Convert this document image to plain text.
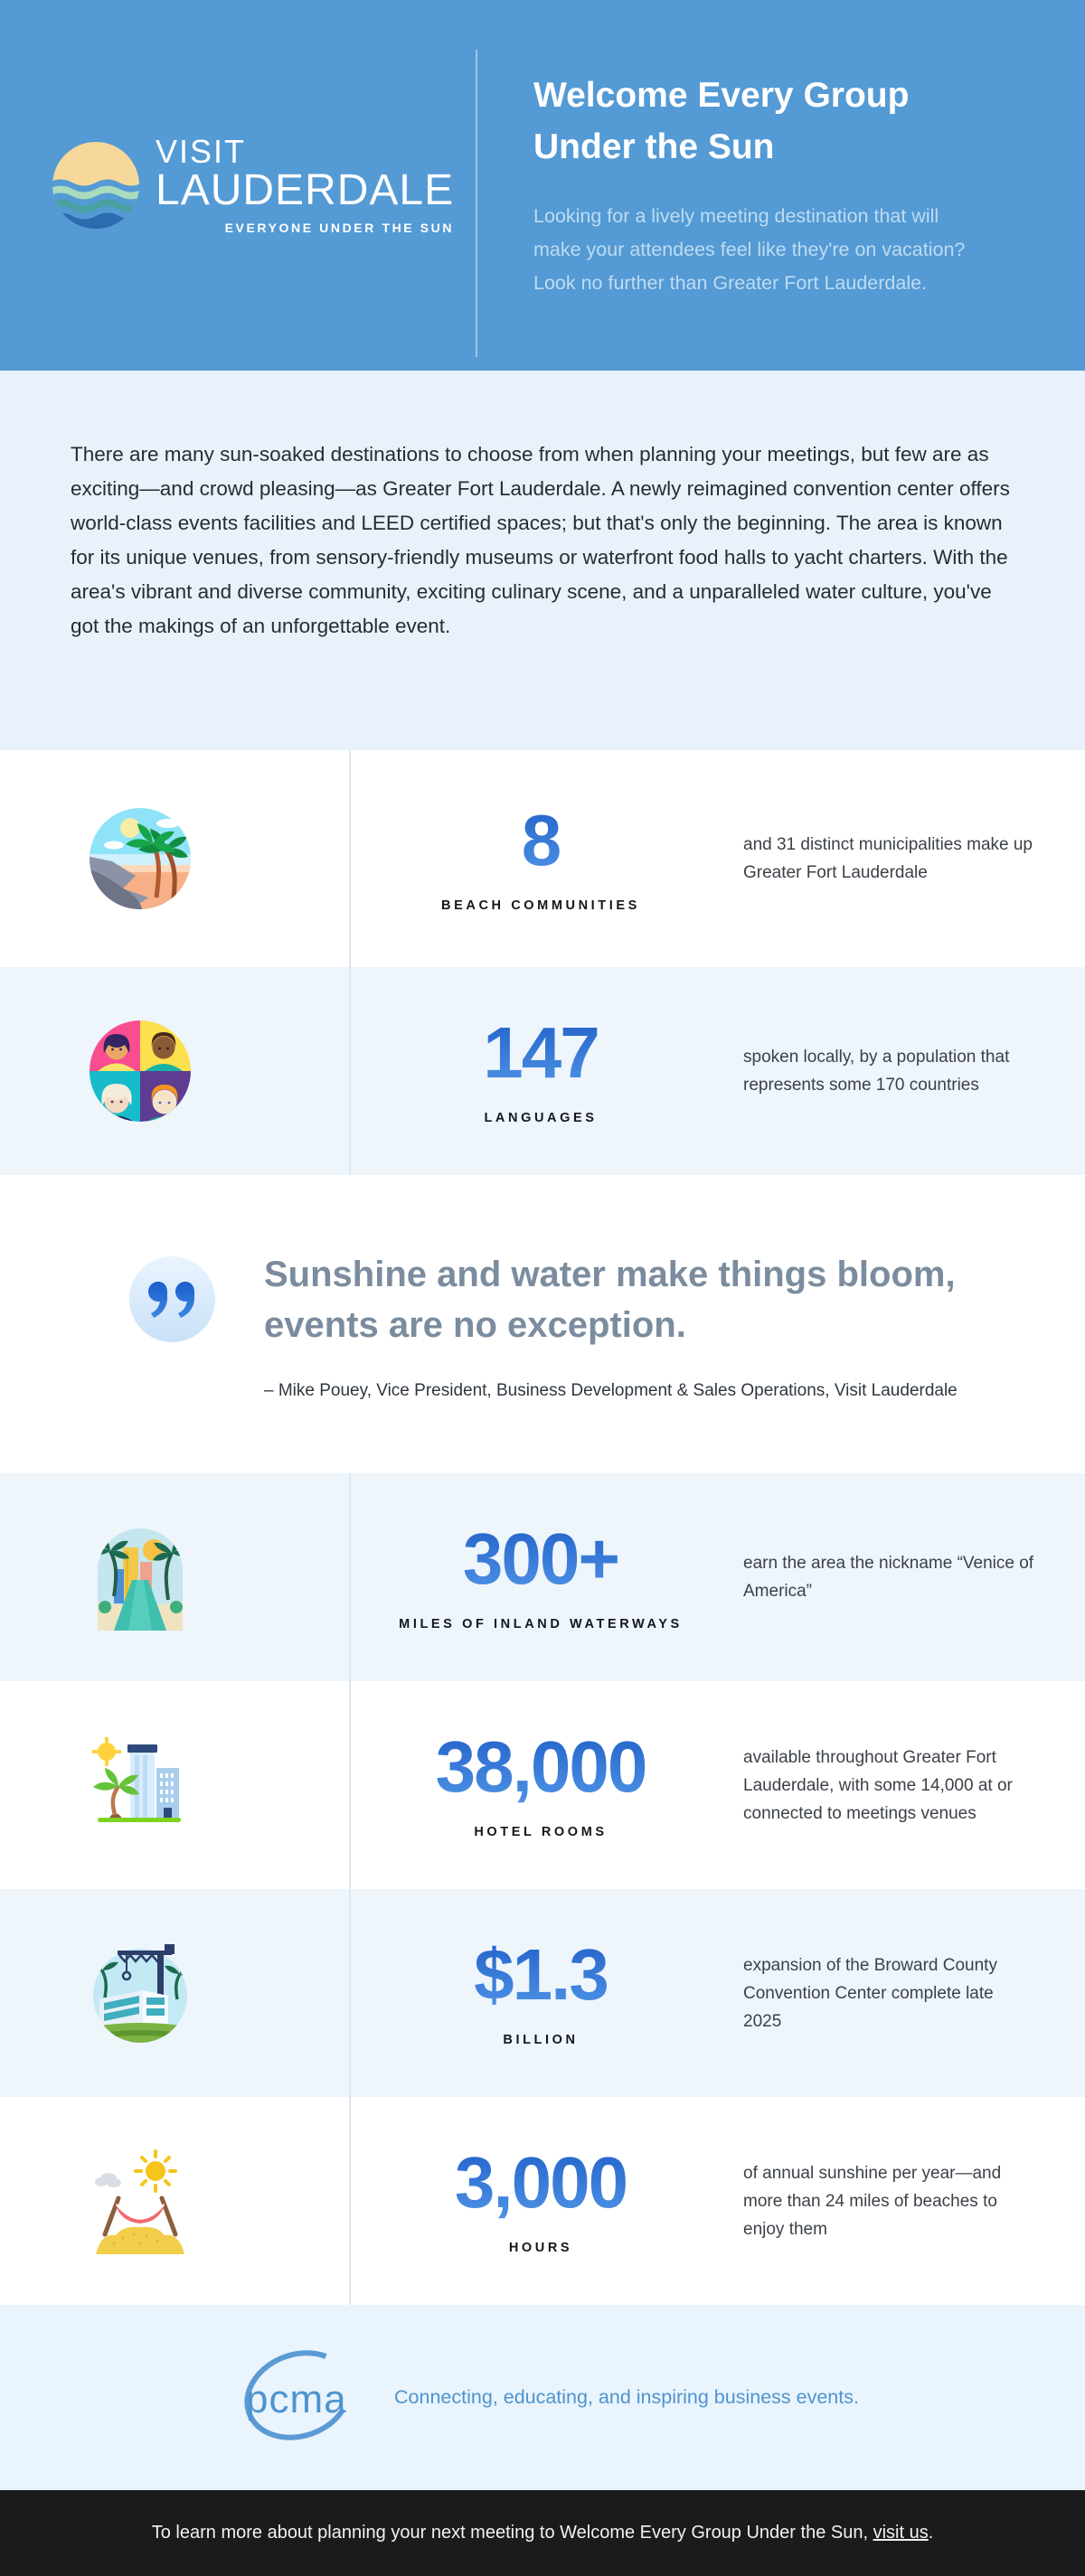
VISIT
LAUDERDALE
EVERYONE UNDER THE SUN
Welcome Every Group Under the Sun
Looking for a lively meeting destination that will make your attendees feel like they're on vacation? Look no further than Greater Fort Lauderdale.

There are many sun-soaked destinations to choose from when planning your meetings, but few are as exciting—and crowd pleasing—as Greater Fort Lauderdale. A newly reimagined convention center offers world-class events facilities and LEED certified spaces; but that's only the beginning. The area is known for its unique venues, from sensory-friendly museums or waterfront food halls to yacht charters. With the area's vibrant and diverse community, exciting culinary scene, and a unparalleled water culture, you've got the makings of an unforgettable event.

8
BEACH COMMUNITIES
and 31 distinct municipalities make up Greater Fort Lauderdale
147
LANGUAGES
spoken locally, by a population that represents some 170 countries

Sunshine and water make things bloom, events are no exception.

– Mike Pouey, Vice President, Business Development & Sales Operations, Visit Lauderdale
300+
MILES OF INLAND WATERWAYS
earn the area the nickname “Venice of America”
38,000
HOTEL ROOMS
available throughout Greater Fort Lauderdale, with some 14,000 at or connected to meetings venues
$1.3
BILLION
expansion of the Broward County Convention Center complete late 2025
3,000
HOURS
of annual sunshine per year—and more than 24 miles of beaches to enjoy them
pcma Connecting, educating, and inspiring business events.
To learn more about planning your next meeting to Welcome Every Group Under the Sun, visit us.
